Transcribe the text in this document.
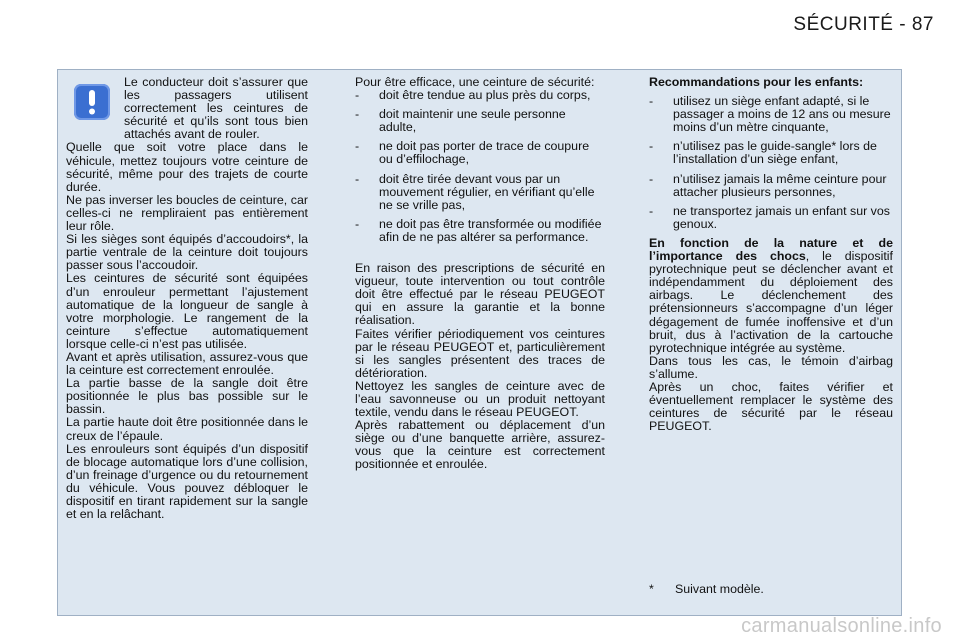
SÉCURITÉ - 87

Le conducteur doit s’assurer que les passagers utilisent correctement les ceintures de sécurité et qu’ils sont tous bien attachés avant de rouler.

Quelle que soit votre place dans le véhicule, mettez toujours votre ceinture de sécurité, même pour des trajets de courte durée.

Ne pas inverser les boucles de ceinture, car celles-ci ne rempliraient pas entièrement leur rôle.

Si les sièges sont équipés d’accoudoirs*, la partie ventrale de la ceinture doit toujours passer sous l’accoudoir.

Les ceintures de sécurité sont équipées d’un enrouleur permettant l’ajustement automatique de la longueur de sangle à votre morphologie. Le rangement de la ceinture s’effectue automatiquement lorsque celle-ci n’est pas utilisée.

Avant et après utilisation, assurez-vous que la ceinture est correctement enroulée.

La partie basse de la sangle doit être positionnée le plus bas possible sur le bassin.

La partie haute doit être positionnée dans le creux de l’épaule.

Les enrouleurs sont équipés d’un dispositif de blocage automatique lors d’une collision, d’un freinage d’urgence ou du retournement du véhicule. Vous pouvez débloquer le dispositif en tirant rapidement sur la sangle et en la relâchant.

Pour être efficace, une ceinture de sécurité:

-	doit être tendue au plus près du corps,
-	doit maintenir une seule personne adulte,
-	ne doit pas porter de trace de coupure ou d’effilochage,
-	doit être tirée devant vous par un mouvement régulier, en vérifiant qu’elle ne se vrille pas,
-	ne doit pas être transformée ou modifiée afin de ne pas altérer sa performance.

En raison des prescriptions de sécurité en vigueur, toute intervention ou tout contrôle doit être effectué par le réseau PEUGEOT qui en assure la garantie et la bonne réalisation.

Faites vérifier périodiquement vos ceintures par le réseau PEUGEOT et, particulièrement si les sangles présentent des traces de détérioration.

Nettoyez les sangles de ceinture avec de l’eau savonneuse ou un produit nettoyant textile, vendu dans le réseau PEUGEOT.

Après rabattement ou déplacement d’un siège ou d’une banquette arrière, assurez-vous que la ceinture est correctement positionnée et enroulée.

Recommandations pour les enfants:

-	utilisez un siège enfant adapté, si le passager a moins de 12 ans ou mesure moins d’un mètre cinquante,
-	n’utilisez pas le guide-sangle* lors de l’installation d’un siège enfant,
-	n’utilisez jamais la même ceinture pour attacher plusieurs personnes,
-	ne transportez jamais un enfant sur vos genoux.

En fonction de la nature et de l’importance des chocs, le dispositif pyrotechnique peut se déclencher avant et indépendamment du déploiement des airbags. Le déclenchement des prétensionneurs s’accompagne d’un léger dégagement de fumée inoffensive et d’un bruit, dus à l’activation de la cartouche pyrotechnique intégrée au système.

Dans tous les cas, le témoin d’airbag s’allume.

Après un choc, faites vérifier et éventuellement remplacer le système des ceintures de sécurité par le réseau PEUGEOT.

*	Suivant modèle.
carmanualsonline.info
